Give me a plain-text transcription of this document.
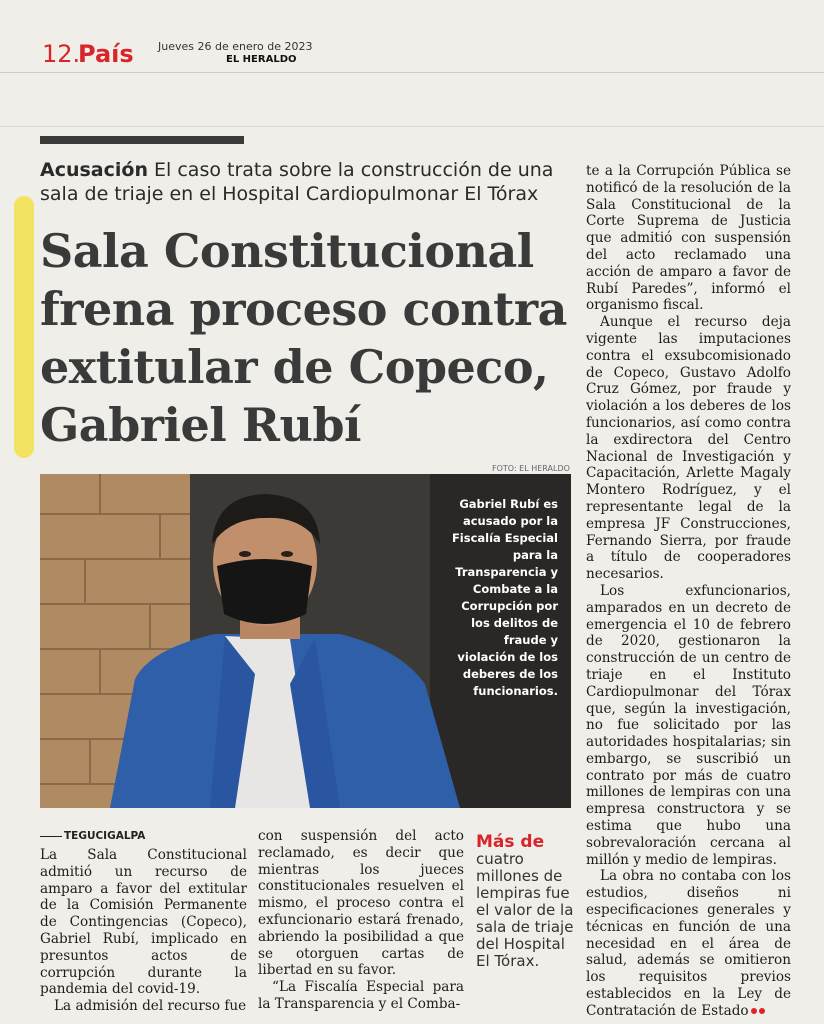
12.
País Jueves 26 de enero de 2023
EL HERALDO
Acusación El caso trata sobre la construcción de una sala de triaje en el Hospital Cardiopulmonar El Tórax
Sala Constitucional frena proceso contra extitular de Copeco, Gabriel Rubí
FOTO: EL HERALDO
Gabriel Rubí es acusado por la Fiscalía Especial para la Transparencia y Combate a la Corrupción por los delitos de fraude y violación de los deberes de los funcionarios.
TEGUCIGALPA

La Sala Constitucional admitió un recurso de amparo a favor del extitular de la Comisión Permanente de Contingencias (Copeco), Gabriel Rubí, implicado en presuntos actos de corrupción durante la pandemia del covid-19.

La admisión del recurso fue

con suspensión del acto reclamado, es decir que mientras los jueces constitucionales resuelven el mismo, el proceso contra el exfuncionario estará frenado, abriendo la posibilidad a que se otorguen cartas de libertad en su favor.

“La Fiscalía Especial para la Transparencia y el Comba-

Más de
cuatro millones de lempiras fue el valor de la sala de triaje del Hospital El Tórax.

te a la Corrupción Pública se notificó de la resolución de la Sala Constitucional de la Corte Suprema de Justicia que admitió con suspensión del acto reclamado una acción de amparo a favor de Rubí Paredes”, informó el organismo fiscal.

Aunque el recurso deja vigente las imputaciones contra el exsubcomisionado de Copeco, Gustavo Adolfo Cruz Gómez, por fraude y violación a los deberes de los funcionarios, así como contra la exdirectora del Centro Nacional de Investigación y Capacitación, Arlette Magaly Montero Rodríguez, y el representante legal de la empresa JF Construcciones, Fernando Sierra, por fraude a título de cooperadores necesarios.

Los exfuncionarios, amparados en un decreto de emergencia el 10 de febrero de 2020, gestionaron la construcción de un centro de triaje en el Instituto Cardiopulmonar del Tórax que, según la investigación, no fue solicitado por las autoridades hospitalarias; sin embargo, se suscribió un contrato por más de cuatro millones de lempiras con una empresa constructora y se estima que hubo una sobrevaloración cercana al millón y medio de lempiras.

La obra no contaba con los estudios, diseños ni especificaciones generales y técnicas en función de una necesidad en el área de salud, además se omitieron los requisitos previos establecidos en la Ley de Contratación de Estado
